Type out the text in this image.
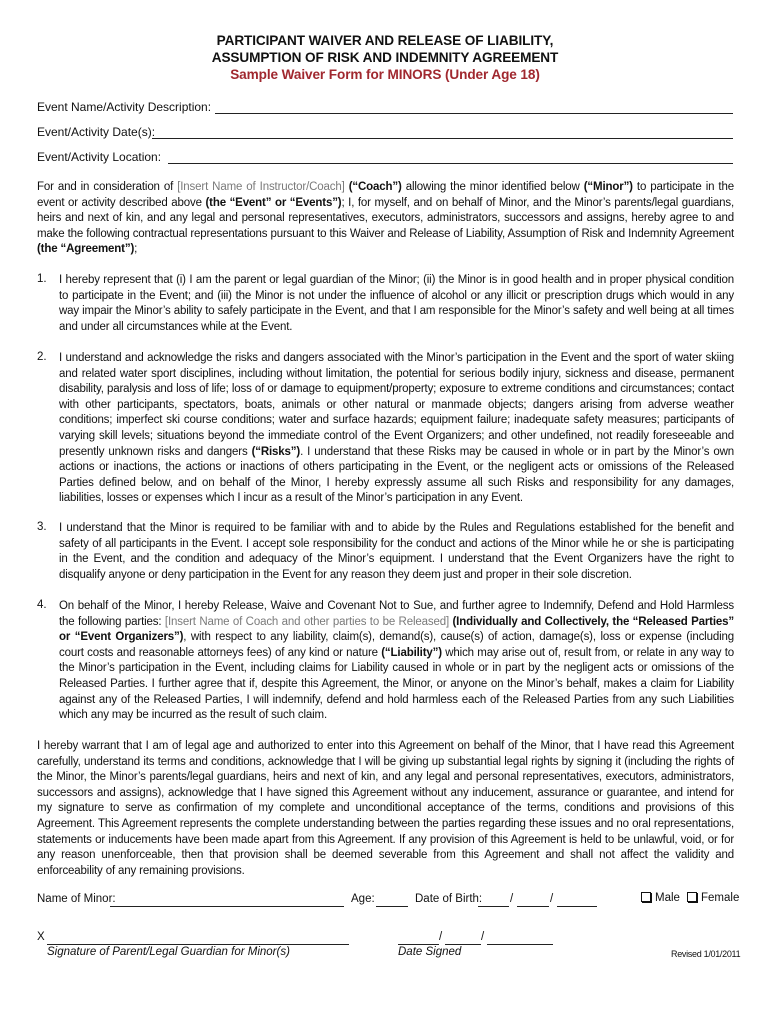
PARTICIPANT WAIVER AND RELEASE OF LIABILITY,
ASSUMPTION OF RISK AND INDEMNITY AGREEMENT
Sample Waiver Form for MINORS (Under Age 18)
Event Name/Activity Description:
Event/Activity Date(s):
Event/Activity Location:
For and in consideration of [Insert Name of Instructor/Coach] (“Coach”) allowing the minor identified below (“Minor”) to participate in the event or activity described above (the “Event” or “Events”); I, for myself, and on behalf of Minor, and the Minor’s parents/legal guardians, heirs and next of kin, and any legal and personal representatives, executors, administrators, successors and assigns, hereby agree to and make the following contractual representations pursuant to this Waiver and Release of Liability, Assumption of Risk and Indemnity Agreement (the “Agreement”);
1. I hereby represent that (i) I am the parent or legal guardian of the Minor; (ii) the Minor is in good health and in proper physical condition to participate in the Event; and (iii) the Minor is not under the influence of alcohol or any illicit or prescription drugs which would in any way impair the Minor’s ability to safely participate in the Event, and that I am responsible for the Minor’s safety and well being at all times and under all circumstances while at the Event.
2. I understand and acknowledge the risks and dangers associated with the Minor’s participation in the Event and the sport of water skiing and related water sport disciplines, including without limitation, the potential for serious bodily injury, sickness and disease, permanent disability, paralysis and loss of life; loss of or damage to equipment/property; exposure to extreme conditions and circumstances; contact with other participants, spectators, boats, animals or other natural or manmade objects; dangers arising from adverse weather conditions; imperfect ski course conditions; water and surface hazards; equipment failure; inadequate safety measures; participants of varying skill levels; situations beyond the immediate control of the Event Organizers; and other undefined, not readily foreseeable and presently unknown risks and dangers (“Risks”). I understand that these Risks may be caused in whole or in part by the Minor’s own actions or inactions, the actions or inactions of others participating in the Event, or the negligent acts or omissions of the Released Parties defined below, and on behalf of the Minor, I hereby expressly assume all such Risks and responsibility for any damages, liabilities, losses or expenses which I incur as a result of the Minor’s participation in any Event.
3. I understand that the Minor is required to be familiar with and to abide by the Rules and Regulations established for the benefit and safety of all participants in the Event. I accept sole responsibility for the conduct and actions of the Minor while he or she is participating in the Event, and the condition and adequacy of the Minor’s equipment. I understand that the Event Organizers have the right to disqualify anyone or deny participation in the Event for any reason they deem just and proper in their sole discretion.
4. On behalf of the Minor, I hereby Release, Waive and Covenant Not to Sue, and further agree to Indemnify, Defend and Hold Harmless the following parties: [Insert Name of Coach and other parties to be Released] (Individually and Collectively, the “Released Parties” or “Event Organizers”), with respect to any liability, claim(s), demand(s), cause(s) of action, damage(s), loss or expense (including court costs and reasonable attorneys fees) of any kind or nature (“Liability”) which may arise out of, result from, or relate in any way to the Minor’s participation in the Event, including claims for Liability caused in whole or in part by the negligent acts or omissions of the Released Parties. I further agree that if, despite this Agreement, the Minor, or anyone on the Minor’s behalf, makes a claim for Liability against any of the Released Parties, I will indemnify, defend and hold harmless each of the Released Parties from any such Liabilities which any may be incurred as the result of such claim.
I hereby warrant that I am of legal age and authorized to enter into this Agreement on behalf of the Minor, that I have read this Agreement carefully, understand its terms and conditions, acknowledge that I will be giving up substantial legal rights by signing it (including the rights of the Minor, the Minor’s parents/legal guardians, heirs and next of kin, and any legal and personal representatives, executors, administrators, successors and assigns), acknowledge that I have signed this Agreement without any inducement, assurance or guarantee, and intend for my signature to serve as confirmation of my complete and unconditional acceptance of the terms, conditions and provisions of this Agreement. This Agreement represents the complete understanding between the parties regarding these issues and no oral representations, statements or inducements have been made apart from this Agreement. If any provision of this Agreement is held to be unlawful, void, or for any reason unenforceable, then that provision shall be deemed severable from this Agreement and shall not affect the validity and enforceability of any remaining provisions.
Name of Minor:	Age:	Date of Birth: /	/	Male	Female
X
Signature of Parent/Legal Guardian for Minor(s)
/	/
Date Signed	Revised 1/01/2011
